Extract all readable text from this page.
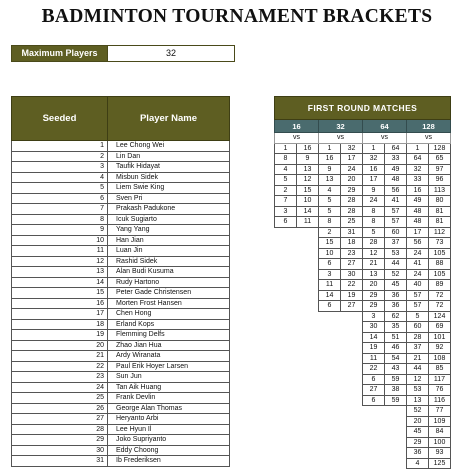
BADMINTON TOURNAMENT BRACKETS
Maximum Players	32
Seeded	Player Name
1	Lee Chong Wei
2	Lin Dan
3	Taufik Hidayat
4	Misbun Sidek
5	Liem Swie King
6	Sven Pri
7	Prakash Padukone
8	Icuk Sugiarto
9	Yang Yang
10	Han Jian
11	Luan Jin
12	Rashid Sidek
13	Alan Budi Kusuma
14	Rudy Hartono
15	Peter Gade Christensen
16	Morten Frost Hansen
17	Chen Hong
18	Erland Kops
19	Flemming Delfs
20	Zhao Jian Hua
21	Ardy Wiranata
22	Paul Erik Hoyer Larsen
23	Sun Jun
24	Tan Aik Huang
25	Frank Devlin
26	George Alan Thomas
27	Heryanto Arbi
28	Lee Hyun Il
29	Joko Supriyanto
30	Eddy Choong
31	Ib Frederiksen
FIRST ROUND MATCHES							
16		32		64		128	
vs		vs		vs		vs	
1	16	1	32	1	64	1	128
8	9	16	17	32	33	64	65
4	13	9	24	16	49	32	97
5	12	13	20	17	48	33	96
2	15	4	29	9	56	16	113
7	10	5	28	24	41	49	80
3	14	5	28	8	57	48	81
6	11	8	25	8	57	48	81
		2	31	5	60	17	112
		15	18	28	37	56	73
		10	23	12	53	24	105
		6	27	21	44	41	88
		3	30	13	52	24	105
		11	22	20	45	40	89
		14	19	29	36	57	72
		6	27	29	36	57	72
				3	62	5	124
				30	35	60	69
				14	51	28	101
				19	46	37	92
				11	54	21	108
				22	43	44	85
				6	59	12	117
				27	38	53	76
				6	59	13	116
						52	77
						20	109
						45	84
						29	100
						36	93
						4	125
